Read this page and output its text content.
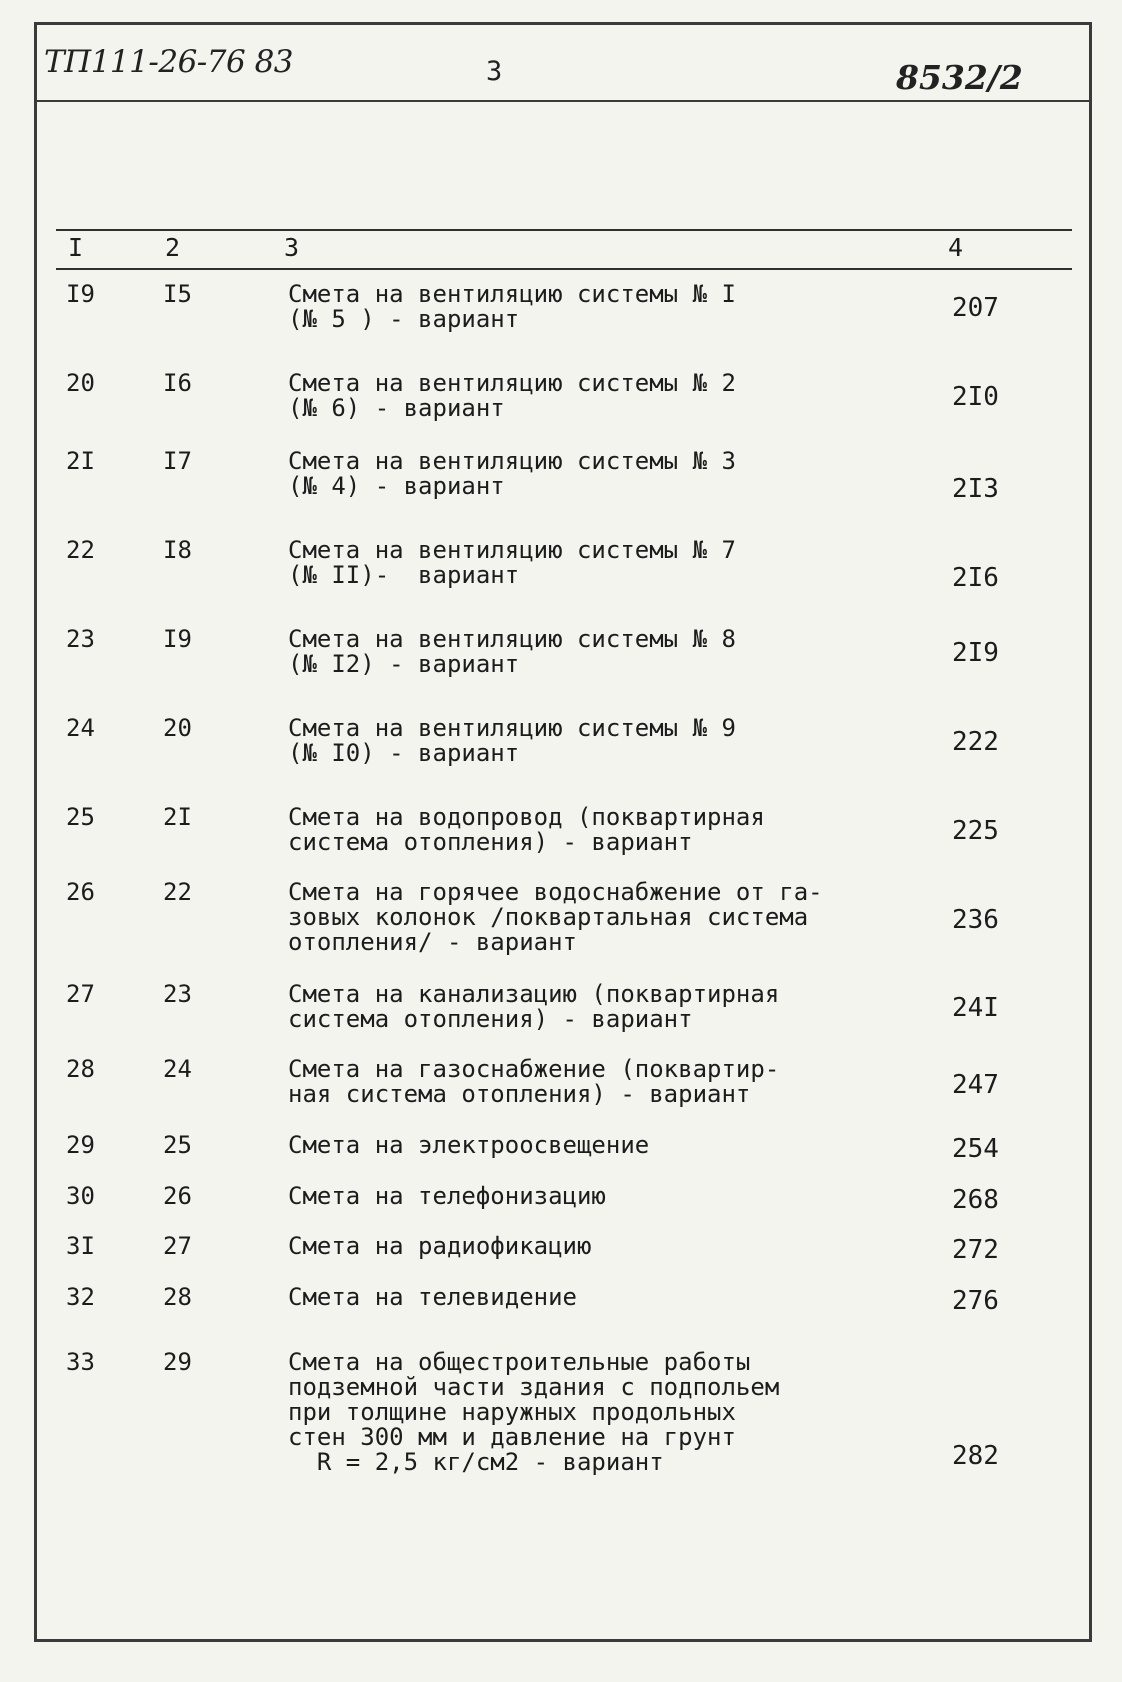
ТП111-26-76 83	3	8532/2
I	2	3	4
I9	I5	Смета на вентиляцию системы № I
(№ 5 ) - вариант	207
20	I6	Смета на вентиляцию системы № 2
(№ 6) - вариант	2I0
2I	I7	Смета на вентиляцию системы № 3
(№ 4) - вариант	2I3
22	I8	Смета на вентиляцию системы № 7
(№ II)-  вариант	2I6
23	I9	Смета на вентиляцию системы № 8
(№ I2) - вариант	2I9
24	20	Смета на вентиляцию системы № 9
(№ I0) - вариант	222
25	2I	Смета на водопровод (поквартирная
система отопления) - вариант	225
26	22	Смета на горячее водоснабжение от га-
зовых колонок /поквартальная система
отопления/ - вариант
236
27	23	Смета на канализацию (поквартирная
система отопления) - вариант	24I
28	24	Смета на газоснабжение (поквартир-
ная система отопления) - вариант	247
29	25	Смета на электроосвещение	254
30	26	Смета на телефонизацию	268
3I	27	Смета на радиофикацию	272
32	28	Смета на телевидение	276
33	29	Смета на общестроительные работы
подземной части здания с подпольем
при толщине наружных продольных
стен 300 мм и давление на грунт
R = 2,5 кг/см2 - вариант	282
